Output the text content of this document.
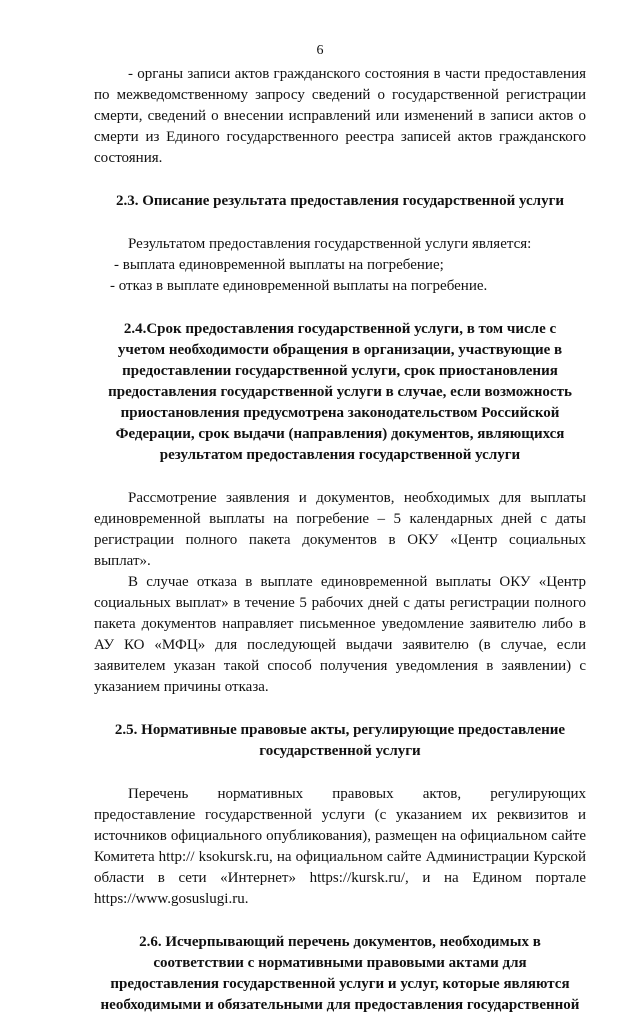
6

- органы записи актов гражданского состояния в части предоставления по межведомственному запросу сведений о государственной регистрации смерти, сведений о внесении исправлений или изменений в записи актов о смерти из Единого государственного реестра записей актов гражданского состояния.

2.3. Описание результата предоставления государственной услуги

Результатом предоставления государственной услуги является:

- выплата единовременной выплаты на погребение;

- отказ в выплате единовременной выплаты на погребение.

2.4.Срок предоставления государственной услуги, в том числе с учетом необходимости обращения в организации, участвующие в предоставлении государственной услуги, срок приостановления предоставления государственной услуги в случае, если возможность приостановления предусмотрена законодательством Российской Федерации, срок выдачи (направления) документов, являющихся результатом предоставления государственной услуги

Рассмотрение заявления и документов, необходимых для выплаты единовременной выплаты на погребение – 5 календарных дней с даты регистрации полного пакета документов в ОКУ «Центр социальных выплат».

В случае отказа в выплате единовременной выплаты ОКУ «Центр социальных выплат» в течение 5 рабочих дней с даты регистрации полного пакета документов направляет письменное уведомление заявителю либо в АУ КО «МФЦ» для последующей выдачи заявителю (в случае, если заявителем указан такой способ получения уведомления в заявлении) с указанием причины отказа.

2.5. Нормативные правовые акты, регулирующие предоставление государственной услуги

Перечень нормативных правовых актов, регулирующих предоставление государственной услуги (с указанием их реквизитов и источников официального опубликования), размещен на официальном сайте Комитета http:// ksokursk.ru, на официальном сайте Администрации Курской области в сети «Интернет» https://kursk.ru/, и на Едином портале https://www.gosuslugi.ru.

2.6. Исчерпывающий перечень документов, необходимых в соответствии с нормативными правовыми актами для предоставления государственной услуги и услуг, которые являются необходимыми и обязательными для предоставления государственной
